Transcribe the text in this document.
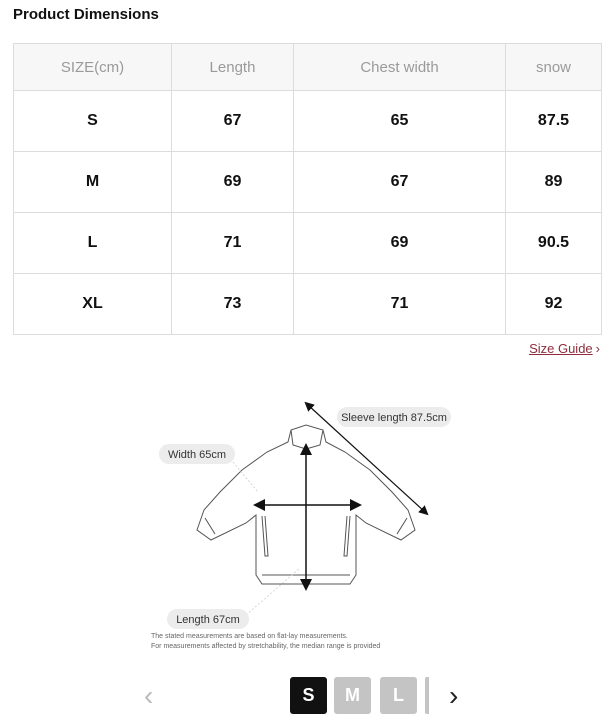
Product Dimensions
SIZE(cm)	Length	Chest width	snow
S	67	65	87.5
M	69	67	89
L	71	69	90.5
XL	73	71	92
Size Guide ›
Sleeve length 87.5cm
Width 65cm
Length 67cm
The stated measurements are based on flat-lay measurements.
For measurements affected by stretchability, the median range is provided
‹	S	M	L	›
